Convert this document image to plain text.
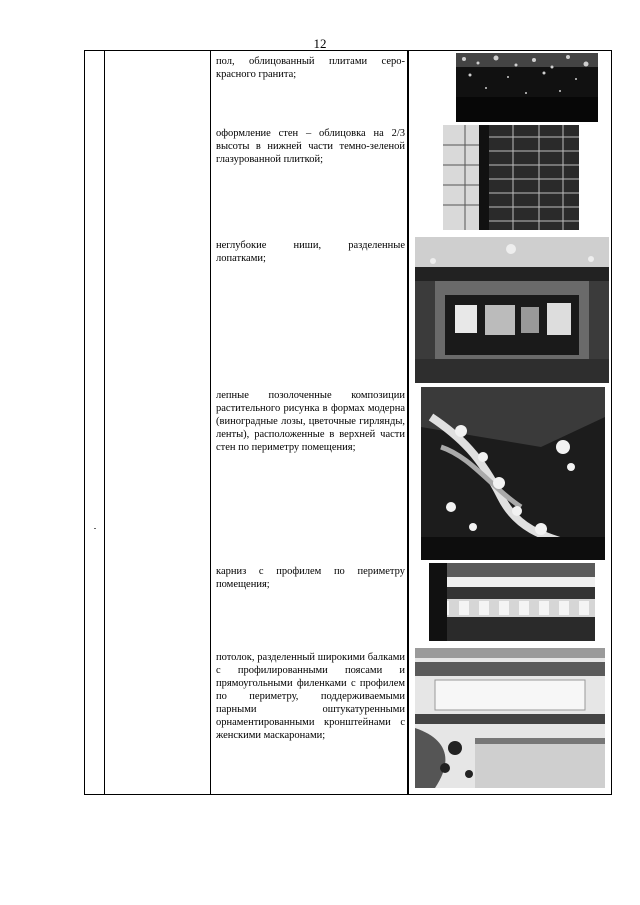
12
пол, облицованный плитами серо-красного гранита;
оформление стен – облицовка на 2/3 высоты в нижней части темно-зеленой глазурованной плиткой;
неглубокие ниши, разделенные лопатками;
лепные позолоченные композиции растительного рисунка в формах модерна (виноградные лозы, цветочные гирлянды, ленты), расположенные в верхней части стен по периметру помещения;
карниз с профилем по периметру помещения;
потолок, разделенный широкими балками с профилированными поясами и прямоугольными филенками с профилем по периметру, поддерживаемыми парными оштукатуренными орнаментированными кронштейнами с женскими маскаронами;
